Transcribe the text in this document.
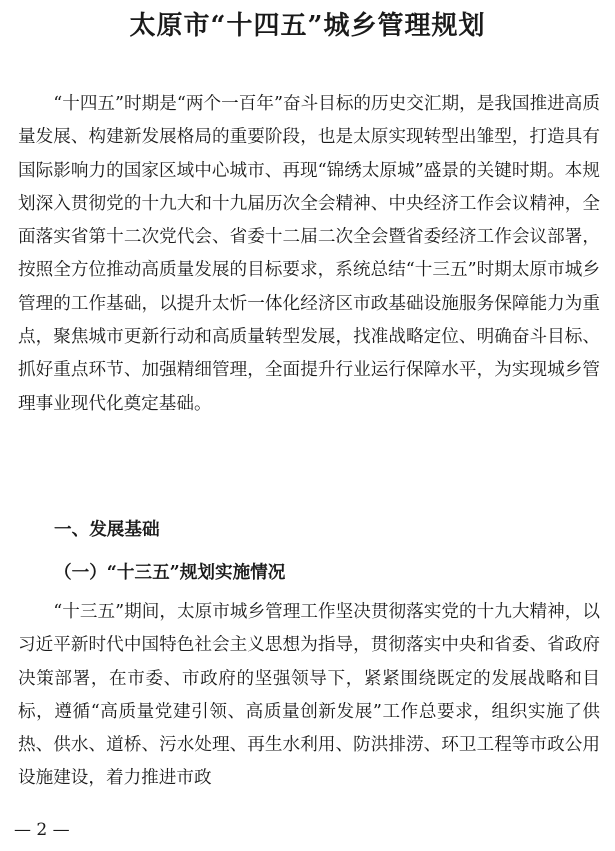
太原市“十四五”城乡管理规划

“十四五”时期是“两个一百年”奋斗目标的历史交汇期，是我国推进高质量发展、构建新发展格局的重要阶段，也是太原实现转型出雏型，打造具有国际影响力的国家区域中心城市、再现“锦绣太原城”盛景的关键时期。本规划深入贯彻党的十九大和十九届历次全会精神、中央经济工作会议精神，全面落实省第十二次党代会、省委十二届二次全会暨省委经济工作会议部署，按照全方位推动高质量发展的目标要求，系统总结“十三五”时期太原市城乡管理的工作基础，以提升太忻一体化经济区市政基础设施服务保障能力为重点，聚焦城市更新行动和高质量转型发展，找准战略定位、明确奋斗目标、抓好重点环节、加强精细管理，全面提升行业运行保障水平，为实现城乡管理事业现代化奠定基础。

一、发展基础
（一）“十三五”规划实施情况

“十三五”期间，太原市城乡管理工作坚决贯彻落实党的十九大精神，以习近平新时代中国特色社会主义思想为指导，贯彻落实中央和省委、省政府决策部署，在市委、市政府的坚强领导下，紧紧围绕既定的发展战略和目标，遵循“高质量党建引领、高质量创新发展”工作总要求，组织实施了供热、供水、道桥、污水处理、再生水利用、防洪排涝、环卫工程等市政公用设施建设，着力推进市政

— 2 —
